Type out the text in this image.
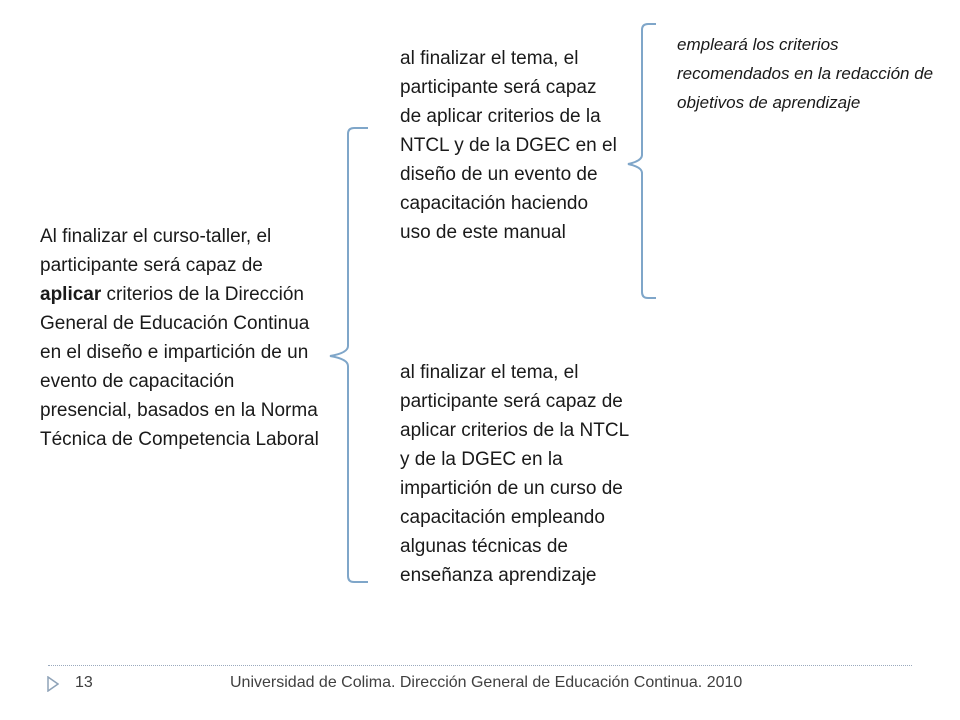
Al finalizar el curso-taller, el participante será capaz de aplicar criterios de la Dirección General de Educación Continua en el diseño e impartición de un evento de capacitación presencial, basados en la Norma Técnica de Competencia Laboral
al finalizar el tema, el participante será capaz de aplicar criterios de la NTCL y de la DGEC en el diseño de un evento de capacitación haciendo uso de este manual
al finalizar el tema, el participante será capaz de aplicar criterios de la NTCL y de la DGEC en la impartición de un curso de capacitación empleando algunas técnicas de enseñanza aprendizaje
empleará los criterios recomendados en la redacción de objetivos de aprendizaje
13	Universidad de Colima. Dirección General de Educación Continua. 2010
